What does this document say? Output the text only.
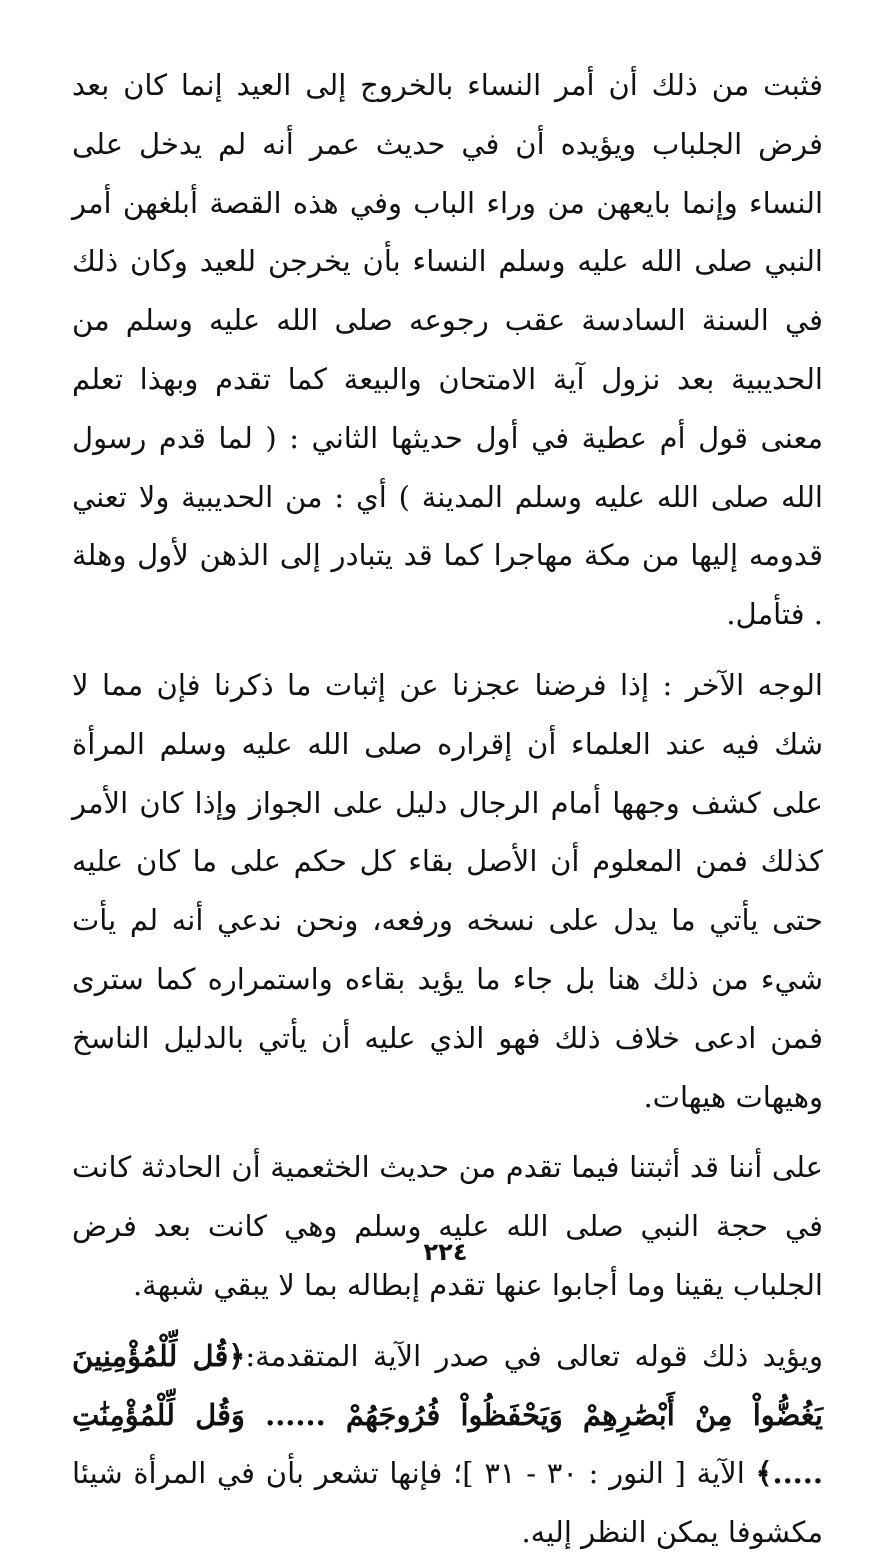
فثبت من ذلك أن أمر النساء بالخروج إلى العيد إنما كان بعد فرض الجلباب ويؤيده أن في حديث عمر أنه لم يدخل على النساء وإنما بايعهن من وراء الباب وفي هذه القصة أبلغهن أمر النبي صلى الله عليه وسلم النساء بأن يخرجن للعيد وكان ذلك في السنة السادسة عقب رجوعه صلى الله عليه وسلم من الحديبية بعد نزول آية الامتحان والبيعة كما تقدم وبهذا تعلم معنى قول أم عطية في أول حديثها الثاني : ( لما قدم رسول الله صلى الله عليه وسلم المدينة ) أي : من الحديبية ولا تعني قدومه إليها من مكة مهاجرا كما قد يتبادر إلى الذهن لأول وهلة . فتأمل.

الوجه الآخر : إذا فرضنا عجزنا عن إثبات ما ذكرنا فإن مما لا شك فيه عند العلماء أن إقراره صلى الله عليه وسلم المرأة على كشف وجهها أمام الرجال دليل على الجواز وإذا كان الأمر كذلك فمن المعلوم أن الأصل بقاء كل حكم على ما كان عليه حتى يأتي ما يدل على نسخه ورفعه، ونحن ندعي أنه لم يأت شيء من ذلك هنا بل جاء ما يؤيد بقاءه واستمراره كما سترى فمن ادعى خلاف ذلك فهو الذي عليه أن يأتي بالدليل الناسخ وهيهات هيهات.

على أننا قد أثبتنا فيما تقدم من حديث الخثعمية أن الحادثة كانت في حجة النبي صلى الله عليه وسلم وهي كانت بعد فرض الجلباب يقينا وما أجابوا عنها تقدم إبطاله بما لا يبقي شبهة.

ويؤيد ذلك قوله تعالى في صدر الآية المتقدمة:﴿قُل لِّلْمُؤْمِنِينَ يَغُضُّواْ مِنْ أَبْصَٰرِهِمْ وَيَحْفَظُواْ فُرُوجَهُمْ ...... وَقُل لِّلْمُؤْمِنَٰتِ .....﴾ الآية [ النور : ٣٠ - ٣١ ]؛ فإنها تشعر بأن في المرأة شيئا مكشوفا يمكن النظر إليه.

٢٢٤
